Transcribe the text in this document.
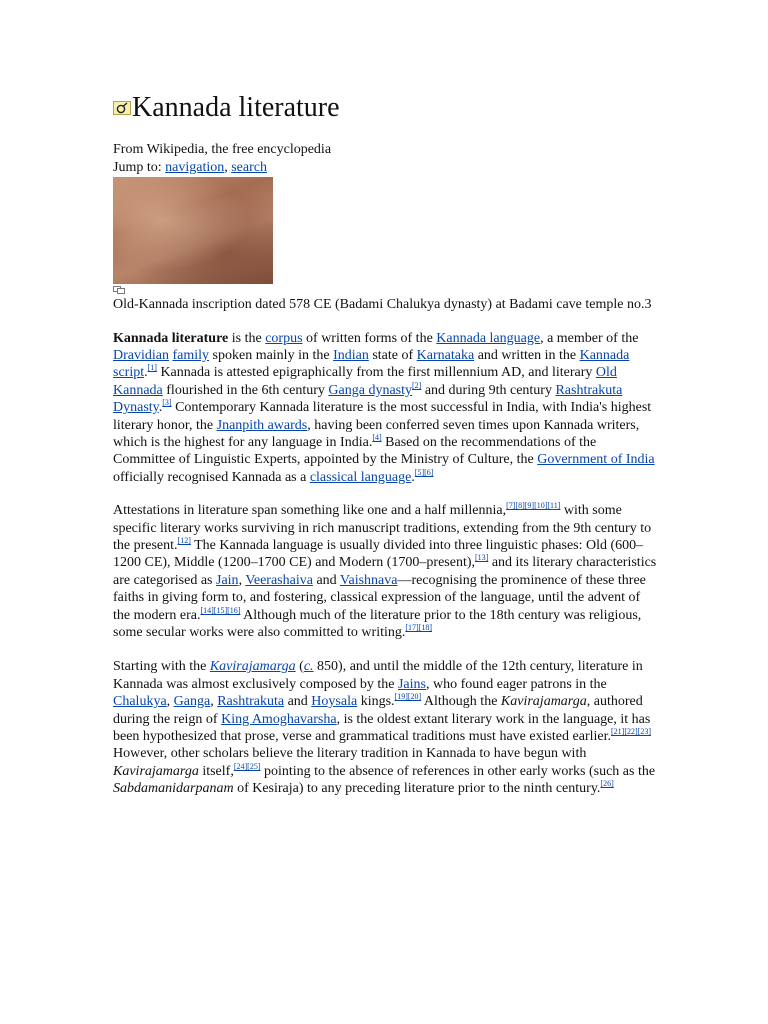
Kannada literature
From Wikipedia, the free encyclopedia
Jump to: navigation, search
Old-Kannada inscription dated 578 CE (Badami Chalukya dynasty) at Badami cave temple no.3

Kannada literature is the corpus of written forms of the Kannada language, a member of the Dravidian family spoken mainly in the Indian state of Karnataka and written in the Kannada script.[1] Kannada is attested epigraphically from the first millennium AD, and literary Old Kannada flourished in the 6th century Ganga dynasty[2] and during 9th century Rashtrakuta Dynasty.[3] Contemporary Kannada literature is the most successful in India, with India's highest literary honor, the Jnanpith awards, having been conferred seven times upon Kannada writers, which is the highest for any language in India.[4] Based on the recommendations of the Committee of Linguistic Experts, appointed by the Ministry of Culture, the Government of India officially recognised Kannada as a classical language.[5][6]

Attestations in literature span something like one and a half millennia,[7][8][9][10][11] with some specific literary works surviving in rich manuscript traditions, extending from the 9th century to the present.[12] The Kannada language is usually divided into three linguistic phases: Old (600–1200 CE), Middle (1200–1700 CE) and Modern (1700–present),[13] and its literary characteristics are categorised as Jain, Veerashaiva and Vaishnava—recognising the prominence of these three faiths in giving form to, and fostering, classical expression of the language, until the advent of the modern era.[14][15][16] Although much of the literature prior to the 18th century was religious, some secular works were also committed to writing.[17][18]

Starting with the Kavirajamarga (c. 850), and until the middle of the 12th century, literature in Kannada was almost exclusively composed by the Jains, who found eager patrons in the Chalukya, Ganga, Rashtrakuta and Hoysala kings.[19][20] Although the Kavirajamarga, authored during the reign of King Amoghavarsha, is the oldest extant literary work in the language, it has been hypothesized that prose, verse and grammatical traditions must have existed earlier.[21][22][23] However, other scholars believe the literary tradition in Kannada to have begun with Kavirajamarga itself,[24][25] pointing to the absence of references in other early works (such as the Sabdamanidarpanam of Kesiraja) to any preceding literature prior to the ninth century.[26]
